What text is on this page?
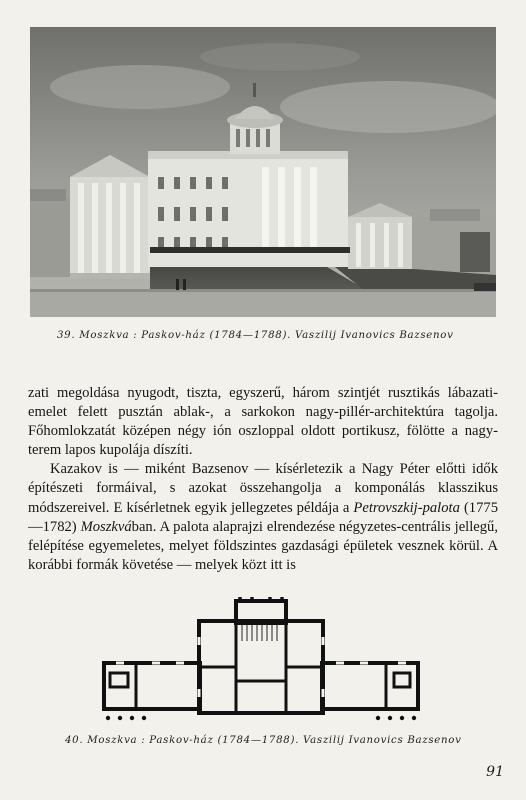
39. Moszkva : Paskov-ház (1784—1788). Vaszilij Ivanovics Bazsenov

zati megoldása nyugodt, tiszta, egyszerű, három szintjét rusztikás lábazati-emelet felett pusztán ablak-, a sarkokon nagy-pillér-architektúra tagolja. Főhomlokzatát középen négy ión oszloppal oldott portikusz, fölötte a nagy-terem lapos kupolája díszíti.

Kazakov is — miként Bazsenov — kísérletezik a Nagy Péter előtti idők építészeti formáival, s azokat összehangolja a komponálás klasszikus módszereivel. E kísérletnek egyik jellegzetes példája a Petrovszkij-palota (1775—1782) Moszkvában. A palota alaprajzi elrendezése négyzetes-centrális jellegű, felépítése egyemeletes, melyet földszintes gazdasági épületek vesznek körül. A korábbi formák követése — melyek közt itt is

40. Moszkva : Paskov-ház (1784—1788). Vaszilij Ivanovics Bazsenov
91
